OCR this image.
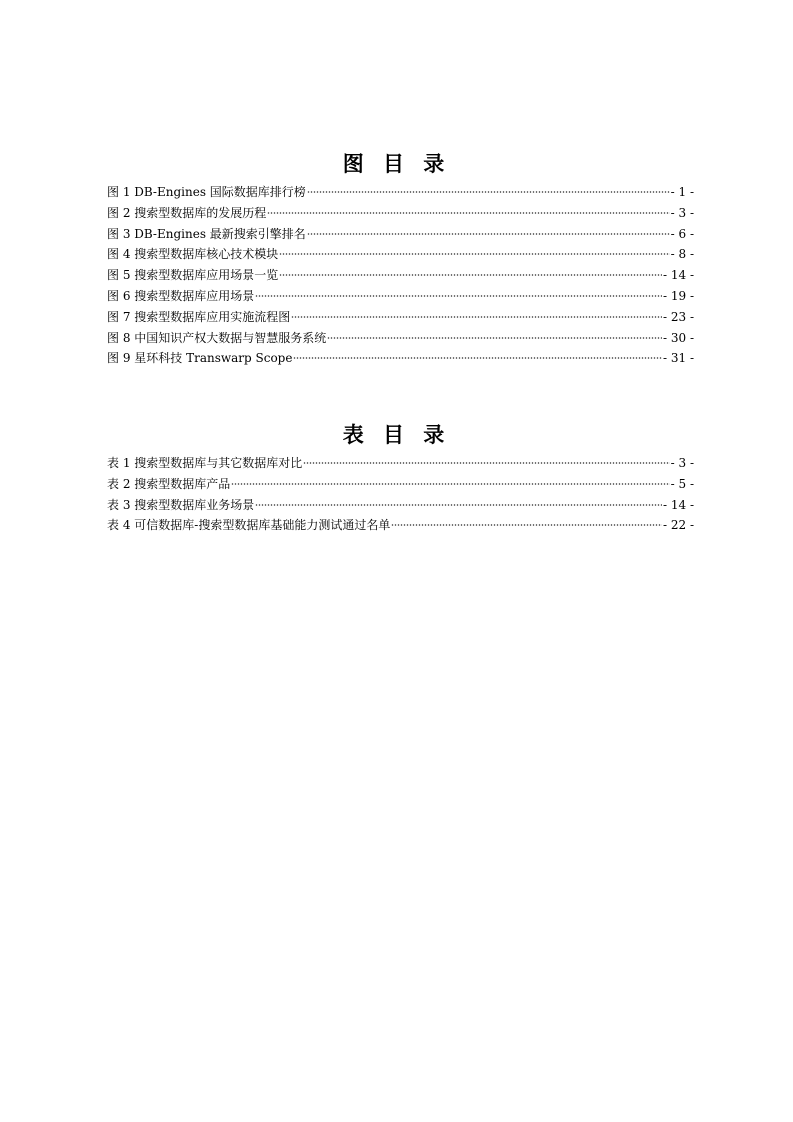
图 目 录
图 1 DB-Engines 国际数据库排行榜	- 1 -
图 2 搜索型数据库的发展历程	- 3 -
图 3 DB-Engines 最新搜索引擎排名	- 6 -
图 4 搜索型数据库核心技术模块	- 8 -
图 5 搜索型数据库应用场景一览	- 14 -
图 6 搜索型数据库应用场景	- 19 -
图 7 搜索型数据库应用实施流程图	- 23 -
图 8 中国知识产权大数据与智慧服务系统	- 30 -
图 9 星环科技 Transwarp Scope	- 31 -
表 目 录
表 1 搜索型数据库与其它数据库对比	- 3 -
表 2 搜索型数据库产品	- 5 -
表 3 搜索型数据库业务场景	- 14 -
表 4 可信数据库-搜索型数据库基础能力测试通过名单	- 22 -
